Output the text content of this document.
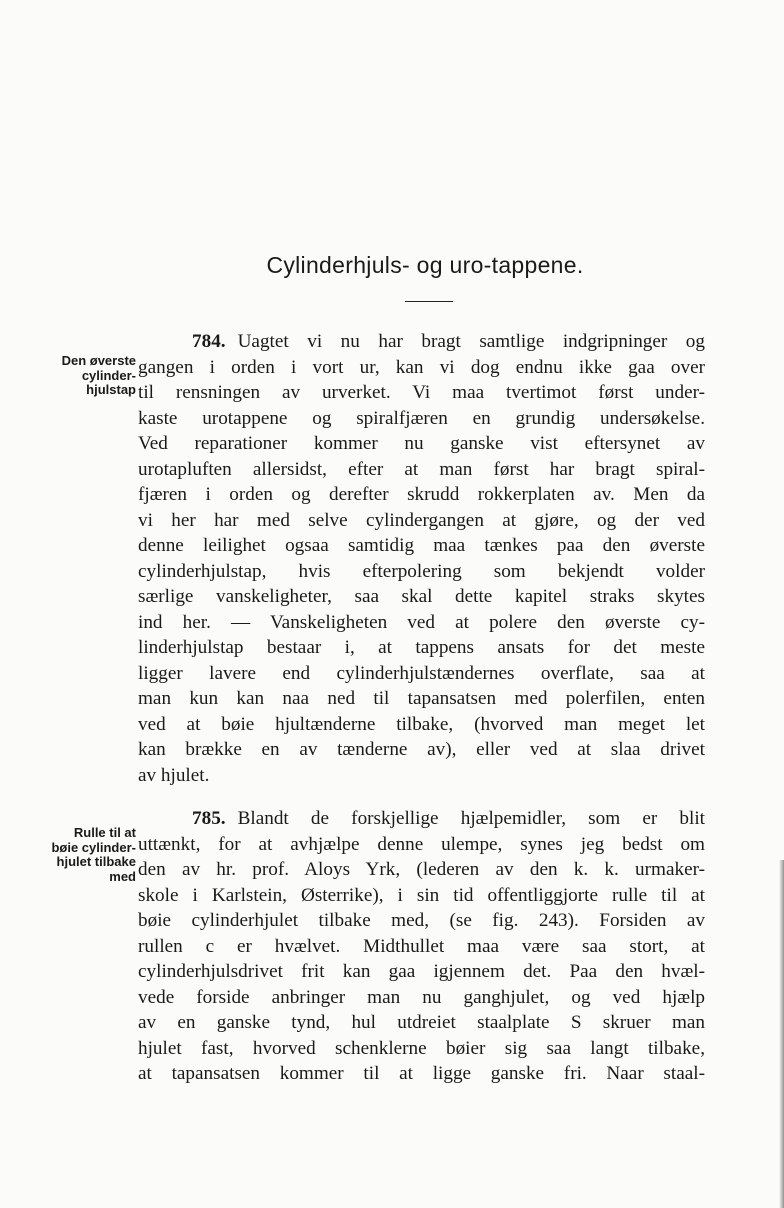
Cylinderhjuls- og uro-tappene.
Den øverste
cylinder-
hjulstap
784. Uagtet vi nu har bragt samtlige indgripninger og
gangen i orden i vort ur, kan vi dog endnu ikke gaa over
til rensningen av urverket. Vi maa tvertimot først under-
kaste urotappene og spiralfjæren en grundig undersøkelse.
Ved reparationer kommer nu ganske vist eftersynet av
urotapluften allersidst, efter at man først har bragt spiral-
fjæren i orden og derefter skrudd rokkerplaten av. Men da
vi her har med selve cylindergangen at gjøre, og der ved
denne leilighet ogsaa samtidig maa tænkes paa den øverste
cylinderhjulstap, hvis efterpolering som bekjendt volder
særlige vanskeligheter, saa skal dette kapitel straks skytes
ind her. — Vanskeligheten ved at polere den øverste cy-
linderhjulstap bestaar i, at tappens ansats for det meste
ligger lavere end cylinderhjulstændernes overflate, saa at
man kun kan naa ned til tapansatsen med polerfilen, enten
ved at bøie hjultænderne tilbake, (hvorved man meget let
kan brække en av tænderne av), eller ved at slaa drivet
av hjulet.
Rulle til at
bøie cylinder-
hjulet tilbake
med
785. Blandt de forskjellige hjælpemidler, som er blit
uttænkt, for at avhjælpe denne ulempe, synes jeg bedst om
den av hr. prof. Aloys Yrk, (lederen av den k. k. urmaker-
skole i Karlstein, Østerrike), i sin tid offentliggjorte rulle til at
bøie cylinderhjulet tilbake med, (se fig. 243). Forsiden av
rullen c er hvælvet. Midthullet maa være saa stort, at
cylinderhjulsdrivet frit kan gaa igjennem det. Paa den hvæl-
vede forside anbringer man nu ganghjulet, og ved hjælp
av en ganske tynd, hul utdreiet staalplate S skruer man
hjulet fast, hvorved schenklerne bøier sig saa langt tilbake,
at tapansatsen kommer til at ligge ganske fri. Naar staal-
